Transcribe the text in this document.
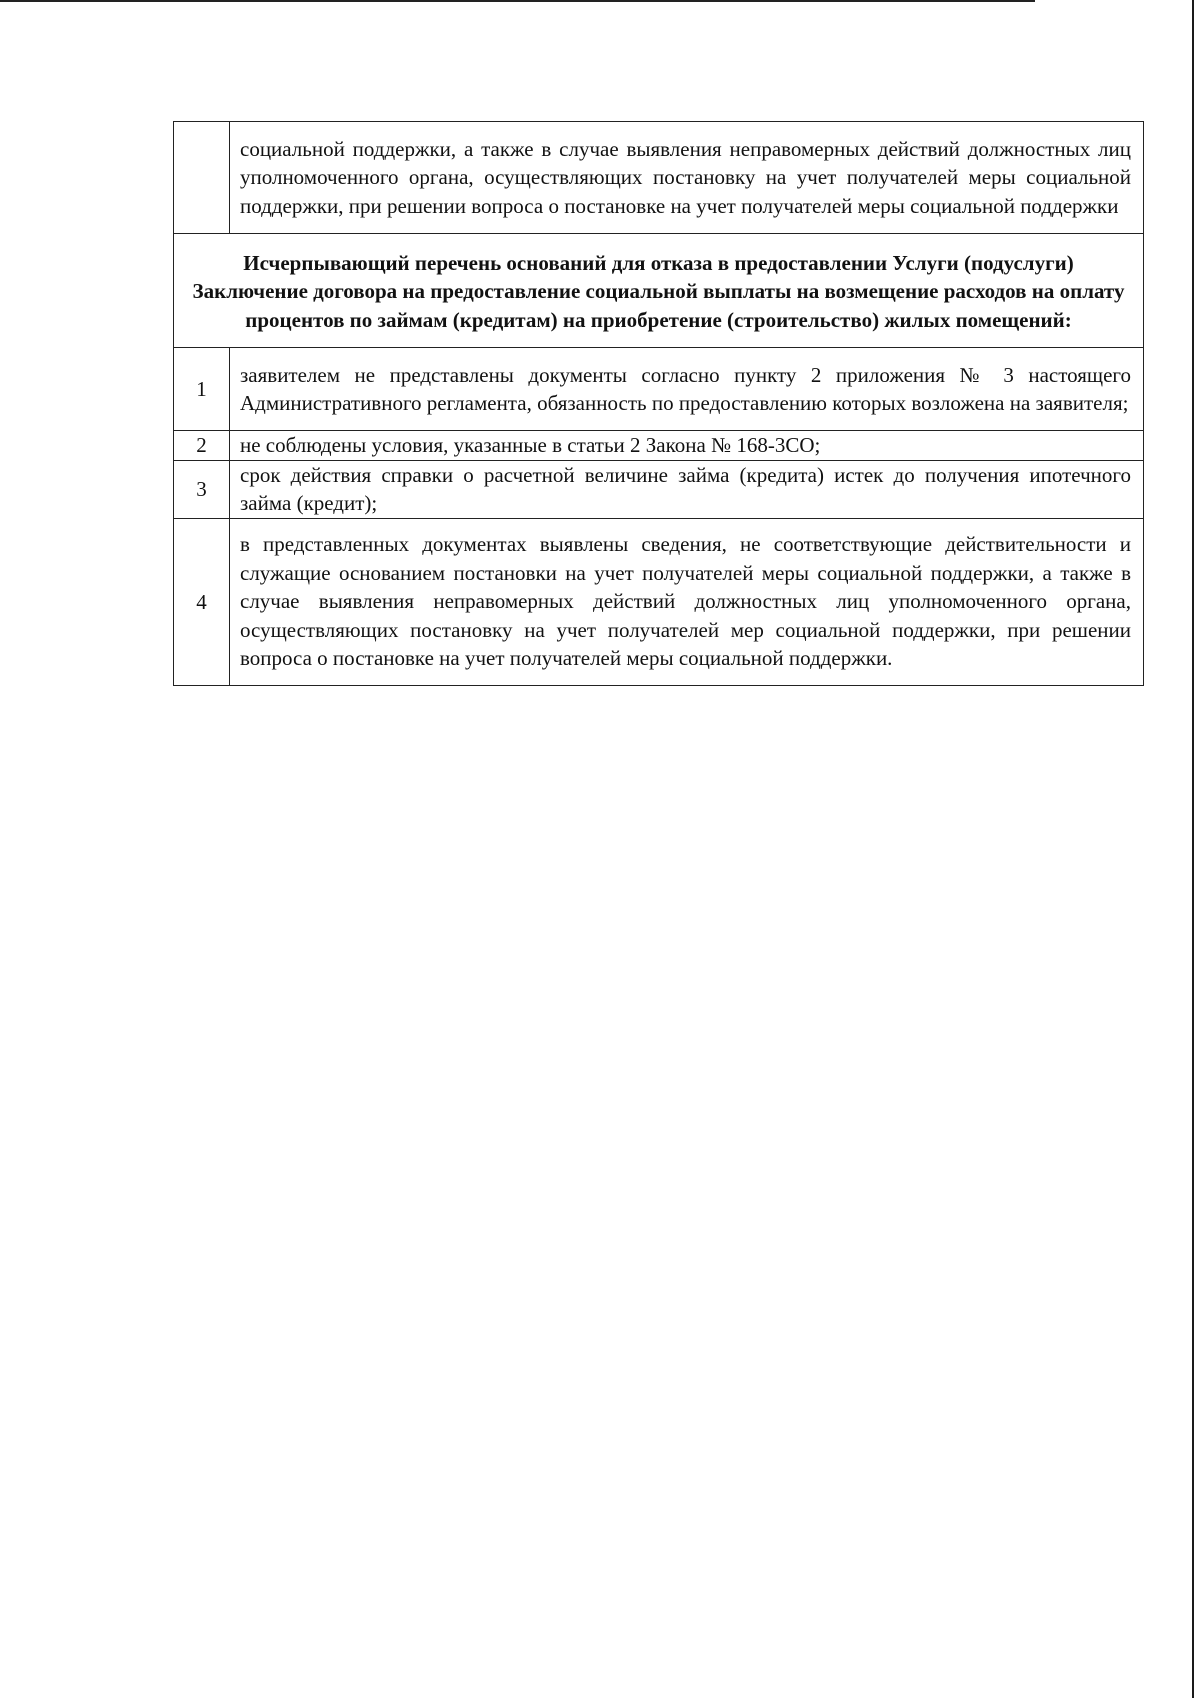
	социальной поддержки, а также в случае выявления неправомерных действий должностных лиц уполномоченного органа, осуществляющих постановку на учет получателей меры социальной поддержки, при решении вопроса о постановке на учет получателей меры социальной поддержки
Исчерпывающий перечень оснований для отказа в предоставлении Услуги (подуслуги) Заключение договора на предоставление социальной выплаты на возмещение расходов на оплату процентов по займам (кредитам) на приобретение (строительство) жилых помещений:	
1	заявителем не представлены документы согласно пункту 2 приложения № 3 настоящего Административного регламента, обязанность по предоставлению которых возложена на заявителя;
2	не соблюдены условия, указанные в статьи 2 Закона № 168-3СО;
3	срок действия справки о расчетной величине займа (кредита) истек до получения ипотечного займа (кредит);
4	в представленных документах выявлены сведения, не соответствующие действительности и служащие основанием постановки на учет получателей меры социальной поддержки, а также в случае выявления неправомерных действий должностных лиц уполномоченного органа, осуществляющих постановку на учет получателей мер социальной поддержки, при решении вопроса о постановке на учет получателей меры социальной поддержки.
